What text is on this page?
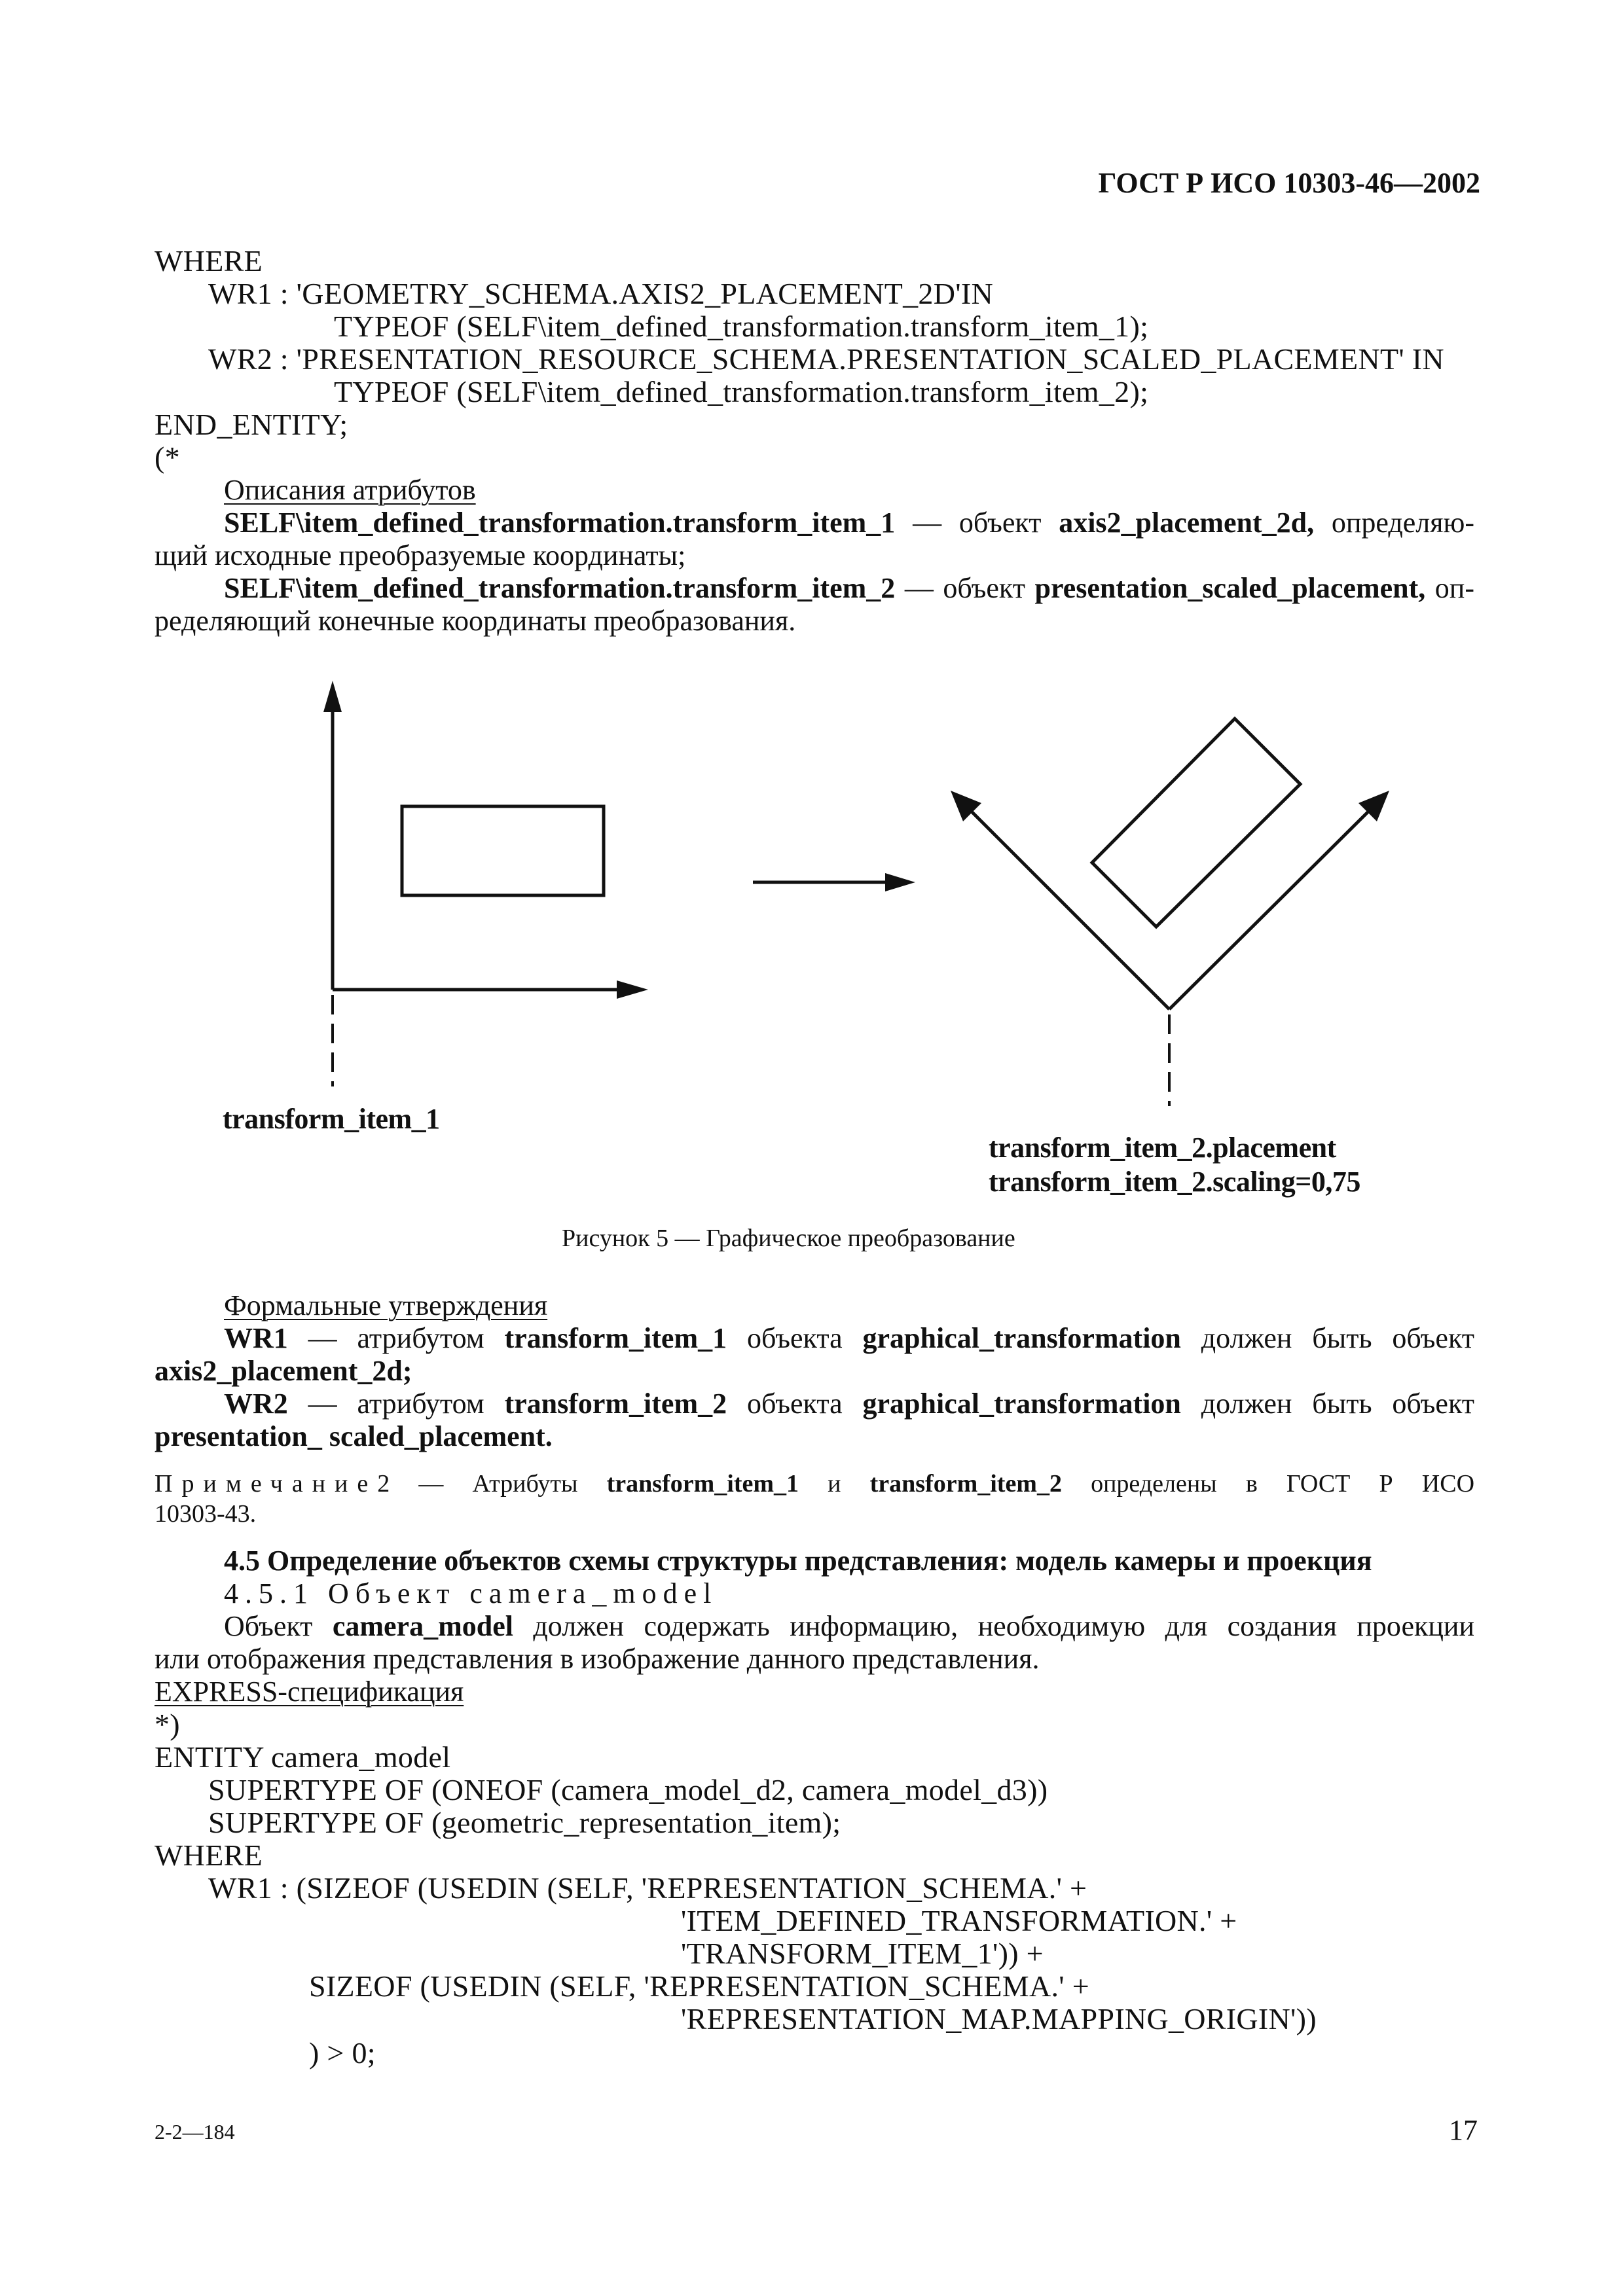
ГОСТ Р ИСО 10303-46—2002
WHERE
WR1 : 'GEOMETRY_SCHEMA.AXIS2_PLACEMENT_2D'IN
TYPEOF (SELF\item_defined_transformation.transform_item_1);
WR2 : 'PRESENTATION_RESOURCE_SCHEMA.PRESENTATION_SCALED_PLACEMENT' IN
TYPEOF (SELF\item_defined_transformation.transform_item_2);
END_ENTITY;
(*
Описания атрибутов
SELF\item_defined_transformation.transform_item_1 — объект axis2_placement_2d, определяю-
щий исходные преобразуемые координаты;
SELF\item_defined_transformation.transform_item_2 — объект presentation_scaled_placement, оп-
ределяющий конечные координаты преобразования.
transform_item_1
transform_item_2.placement
transform_item_2.scaling=0,75
Рисунок 5 — Графическое преобразование
Формальные утверждения
WR1 — атрибутом transform_item_1 объекта graphical_transformation должен быть объект
axis2_placement_2d;
WR2 — атрибутом transform_item_2 объекта graphical_transformation должен быть объект
presentation_ scaled_placement.
Примечание2 — Атрибуты transform_item_1 и transform_item_2 определены в ГОСТ Р ИСО
10303-43.
4.5 Определение объектов схемы структуры представления: модель камеры и проекция
4.5.1 Объект camera_model
Объект camera_model должен содержать информацию, необходимую для создания проекции
или отображения представления в изображение данного представления.
EXPRESS-спецификация
*)
ENTITY camera_model
SUPERTYPE OF (ONEOF (camera_model_d2, camera_model_d3))
SUPERTYPE OF (geometric_representation_item);
WHERE
WR1 : (SIZEOF (USEDIN (SELF, 'REPRESENTATION_SCHEMA.' +
'ITEM_DEFINED_TRANSFORMATION.' +
'TRANSFORM_ITEM_1')) +
SIZEOF (USEDIN (SELF, 'REPRESENTATION_SCHEMA.' +
'REPRESENTATION_MAP.MAPPING_ORIGIN'))
) > 0;
2-2—184	17
